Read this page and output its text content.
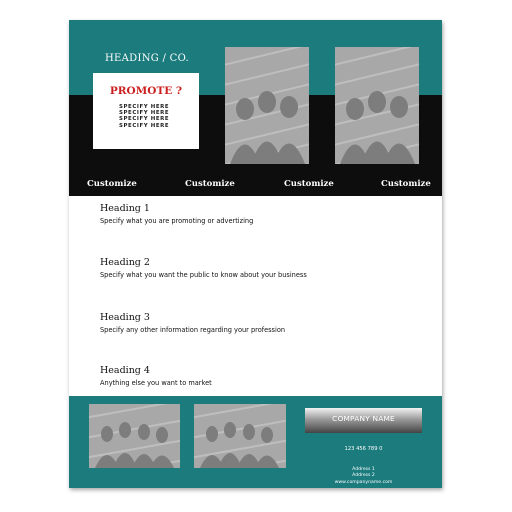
HEADING / CO.
PROMOTE ?
SPECIFY HERE
SPECIFY HERE
SPECIFY HERE
SPECIFY HERE
Customize	Customize	Customize	Customize
Heading 1

Specify what you are promoting or advertizing

Heading 2

Specify what you want the public to know about your business

Heading 3

Specify any other information regarding your profession

Heading 4

Anything else you want to market

COMPANY NAME
123 456 789 0
Address 1
Address 2
www.companyname.com
